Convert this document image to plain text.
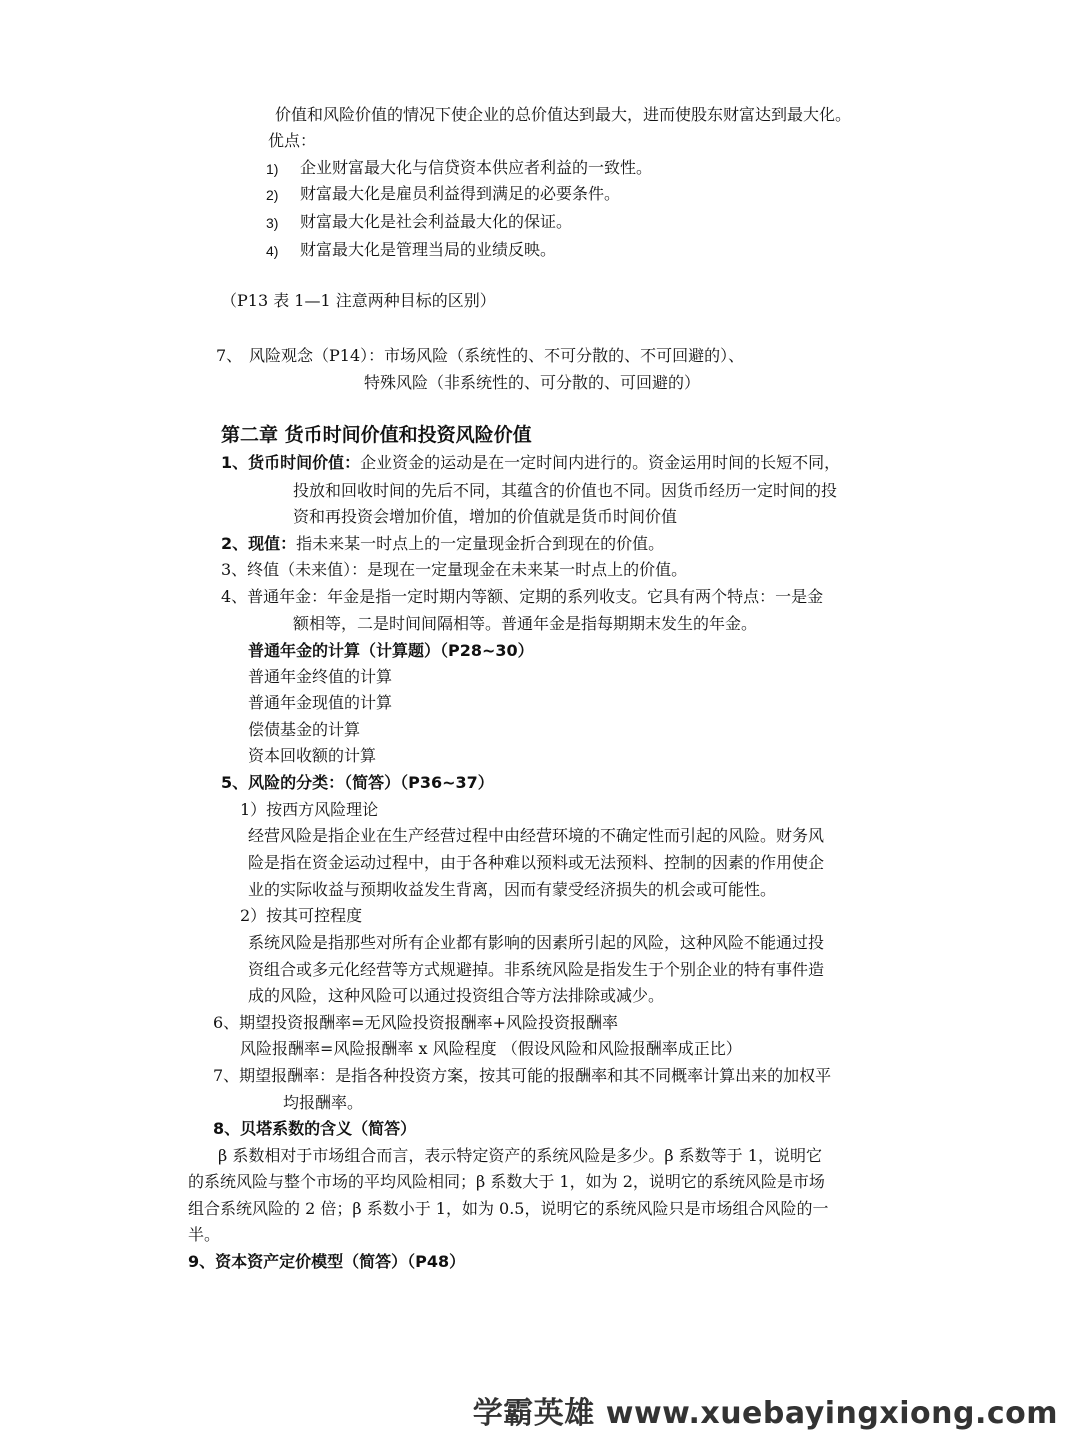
价值和风险价值的情况下使企业的总价值达到最大，进而使股东财富达到最大化。
优点：
1) 企业财富最大化与信贷资本供应者利益的一致性。
2) 财富最大化是雇员利益得到满足的必要条件。
3) 财富最大化是社会利益最大化的保证。
4) 财富最大化是管理当局的业绩反映。
（P13 表 1—1 注意两种目标的区别）
7、 风险观念（P14）：市场风险（系统性的、不可分散的、不可回避的）、
特殊风险（非系统性的、可分散的、可回避的）
第二章 货币时间价值和投资风险价值
1、货币时间价值：企业资金的运动是在一定时间内进行的。资金运用时间的长短不同，
投放和回收时间的先后不同，其蕴含的价值也不同。因货币经历一定时间的投
资和再投资会增加价值，增加的价值就是货币时间价值
2、现值：指未来某一时点上的一定量现金折合到现在的价值。
3、终值（未来值）：是现在一定量现金在未来某一时点上的价值。
4、普通年金：年金是指一定时期内等额、定期的系列收支。它具有两个特点：一是金
额相等，二是时间间隔相等。普通年金是指每期期末发生的年金。
普通年金的计算（计算题）（P28~30）
普通年金终值的计算
普通年金现值的计算
偿债基金的计算
资本回收额的计算
5、风险的分类：（简答）（P36~37）
1）按西方风险理论
经营风险是指企业在生产经营过程中由经营环境的不确定性而引起的风险。财务风
险是指在资金运动过程中，由于各种难以预料或无法预料、控制的因素的作用使企
业的实际收益与预期收益发生背离，因而有蒙受经济损失的机会或可能性。
2）按其可控程度
系统风险是指那些对所有企业都有影响的因素所引起的风险，这种风险不能通过投
资组合或多元化经营等方式规避掉。非系统风险是指发生于个别企业的特有事件造
成的风险，这种风险可以通过投资组合等方法排除或减少。
6、期望投资报酬率=无风险投资报酬率+风险投资报酬率
风险报酬率=风险报酬率 x 风险程度 （假设风险和风险报酬率成正比）
7、期望报酬率：是指各种投资方案，按其可能的报酬率和其不同概率计算出来的加权平
均报酬率。
8、贝塔系数的含义（简答）
β 系数相对于市场组合而言，表示特定资产的系统风险是多少。β 系数等于 1，说明它
的系统风险与整个市场的平均风险相同；β 系数大于 1，如为 2，说明它的系统风险是市场
组合系统风险的 2 倍；β 系数小于 1，如为 0.5，说明它的系统风险只是市场组合风险的一
半。
9、资本资产定价模型（简答）（P48）
学霸英雄 www.xuebayingxiong.com
